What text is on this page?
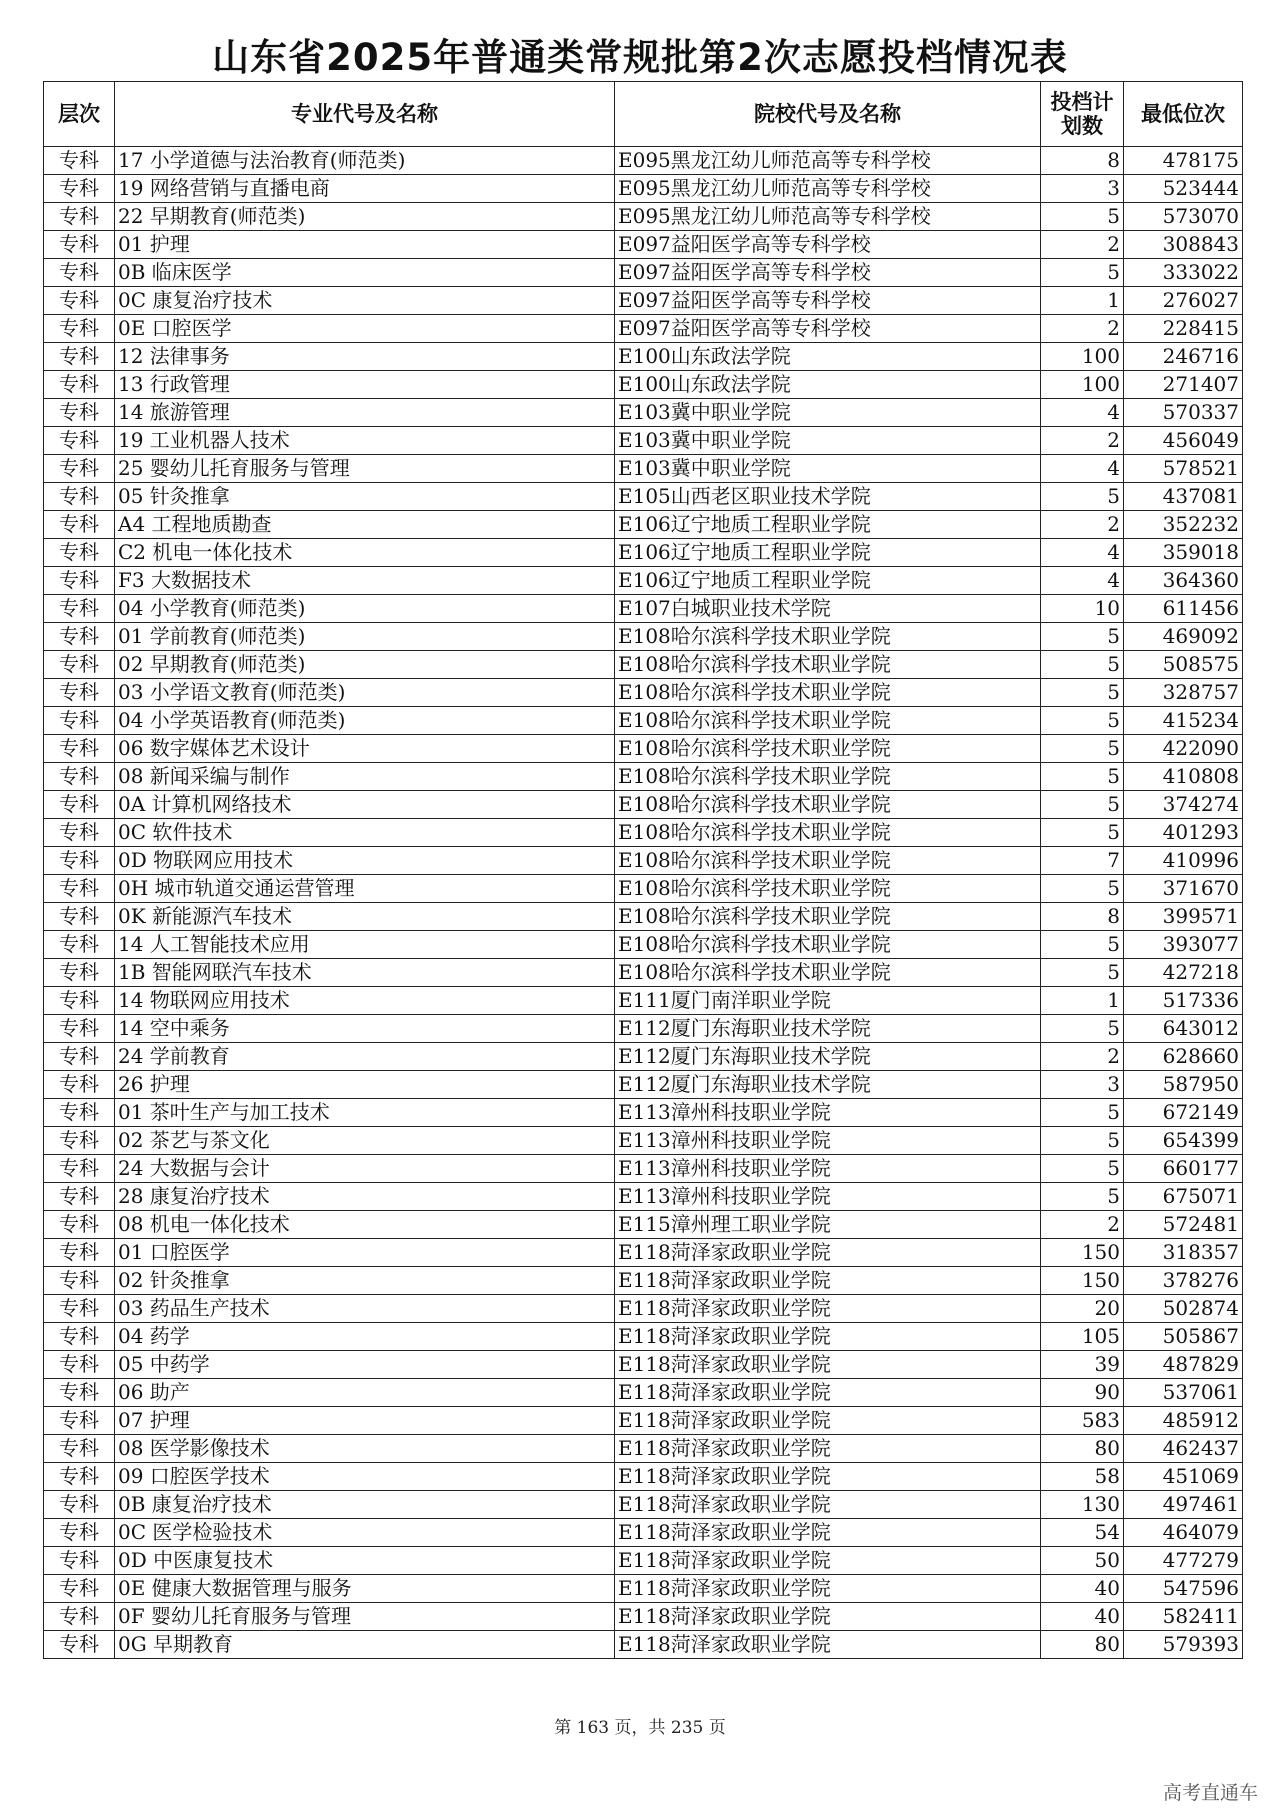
山东省2025年普通类常规批第2次志愿投档情况表
层次	专业代号及名称	院校代号及名称	投档计划数	最低位次
专科	17 小学道德与法治教育(师范类)	E095黑龙江幼儿师范高等专科学校	8	478175
专科	19 网络营销与直播电商	E095黑龙江幼儿师范高等专科学校	3	523444
专科	22 早期教育(师范类)	E095黑龙江幼儿师范高等专科学校	5	573070
专科	01 护理	E097益阳医学高等专科学校	2	308843
专科	0B 临床医学	E097益阳医学高等专科学校	5	333022
专科	0C 康复治疗技术	E097益阳医学高等专科学校	1	276027
专科	0E 口腔医学	E097益阳医学高等专科学校	2	228415
专科	12 法律事务	E100山东政法学院	100	246716
专科	13 行政管理	E100山东政法学院	100	271407
专科	14 旅游管理	E103冀中职业学院	4	570337
专科	19 工业机器人技术	E103冀中职业学院	2	456049
专科	25 婴幼儿托育服务与管理	E103冀中职业学院	4	578521
专科	05 针灸推拿	E105山西老区职业技术学院	5	437081
专科	A4 工程地质勘查	E106辽宁地质工程职业学院	2	352232
专科	C2 机电一体化技术	E106辽宁地质工程职业学院	4	359018
专科	F3 大数据技术	E106辽宁地质工程职业学院	4	364360
专科	04 小学教育(师范类)	E107白城职业技术学院	10	611456
专科	01 学前教育(师范类)	E108哈尔滨科学技术职业学院	5	469092
专科	02 早期教育(师范类)	E108哈尔滨科学技术职业学院	5	508575
专科	03 小学语文教育(师范类)	E108哈尔滨科学技术职业学院	5	328757
专科	04 小学英语教育(师范类)	E108哈尔滨科学技术职业学院	5	415234
专科	06 数字媒体艺术设计	E108哈尔滨科学技术职业学院	5	422090
专科	08 新闻采编与制作	E108哈尔滨科学技术职业学院	5	410808
专科	0A 计算机网络技术	E108哈尔滨科学技术职业学院	5	374274
专科	0C 软件技术	E108哈尔滨科学技术职业学院	5	401293
专科	0D 物联网应用技术	E108哈尔滨科学技术职业学院	7	410996
专科	0H 城市轨道交通运营管理	E108哈尔滨科学技术职业学院	5	371670
专科	0K 新能源汽车技术	E108哈尔滨科学技术职业学院	8	399571
专科	14 人工智能技术应用	E108哈尔滨科学技术职业学院	5	393077
专科	1B 智能网联汽车技术	E108哈尔滨科学技术职业学院	5	427218
专科	14 物联网应用技术	E111厦门南洋职业学院	1	517336
专科	14 空中乘务	E112厦门东海职业技术学院	5	643012
专科	24 学前教育	E112厦门东海职业技术学院	2	628660
专科	26 护理	E112厦门东海职业技术学院	3	587950
专科	01 茶叶生产与加工技术	E113漳州科技职业学院	5	672149
专科	02 茶艺与茶文化	E113漳州科技职业学院	5	654399
专科	24 大数据与会计	E113漳州科技职业学院	5	660177
专科	28 康复治疗技术	E113漳州科技职业学院	5	675071
专科	08 机电一体化技术	E115漳州理工职业学院	2	572481
专科	01 口腔医学	E118菏泽家政职业学院	150	318357
专科	02 针灸推拿	E118菏泽家政职业学院	150	378276
专科	03 药品生产技术	E118菏泽家政职业学院	20	502874
专科	04 药学	E118菏泽家政职业学院	105	505867
专科	05 中药学	E118菏泽家政职业学院	39	487829
专科	06 助产	E118菏泽家政职业学院	90	537061
专科	07 护理	E118菏泽家政职业学院	583	485912
专科	08 医学影像技术	E118菏泽家政职业学院	80	462437
专科	09 口腔医学技术	E118菏泽家政职业学院	58	451069
专科	0B 康复治疗技术	E118菏泽家政职业学院	130	497461
专科	0C 医学检验技术	E118菏泽家政职业学院	54	464079
专科	0D 中医康复技术	E118菏泽家政职业学院	50	477279
专科	0E 健康大数据管理与服务	E118菏泽家政职业学院	40	547596
专科	0F 婴幼儿托育服务与管理	E118菏泽家政职业学院	40	582411
专科	0G 早期教育	E118菏泽家政职业学院	80	579393
第 163 页，共 235 页
高考直通车
